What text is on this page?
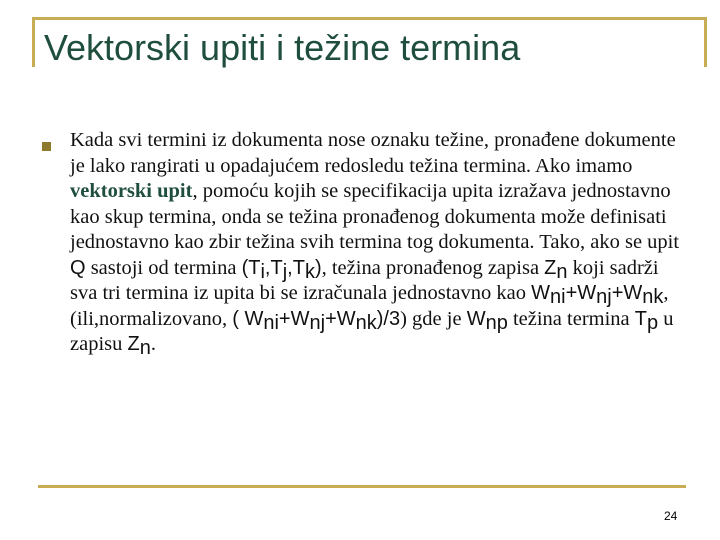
Vektorski upiti i težine termina
Kada svi termini iz dokumenta nose oznaku težine, pronađene dokumente je lako rangirati u opadajućem redosledu težina termina. Ako imamo vektorski upit, pomoću kojih se specifikacija upita izražava jednostavno kao skup termina, onda se težina pronađenog dokumenta može definisati jednostavno kao zbir težina svih termina tog dokumenta. Tako, ako se upit Q sastoji od termina $(T_i,T_j,T_k)$, težina pronađenog zapisa $Z_n$ koji sadrži sva tri termina iz upita bi se izračunala jednostavno kao $W_{ni}+W_{nj}+W_{nk}$, (ili,normalizovano, ( $W_{ni}+W_{nj}+W_{nk})/3$) gde je $W_{np}$ težina termina $T_p$ u zapisu $Z_n$.
24
